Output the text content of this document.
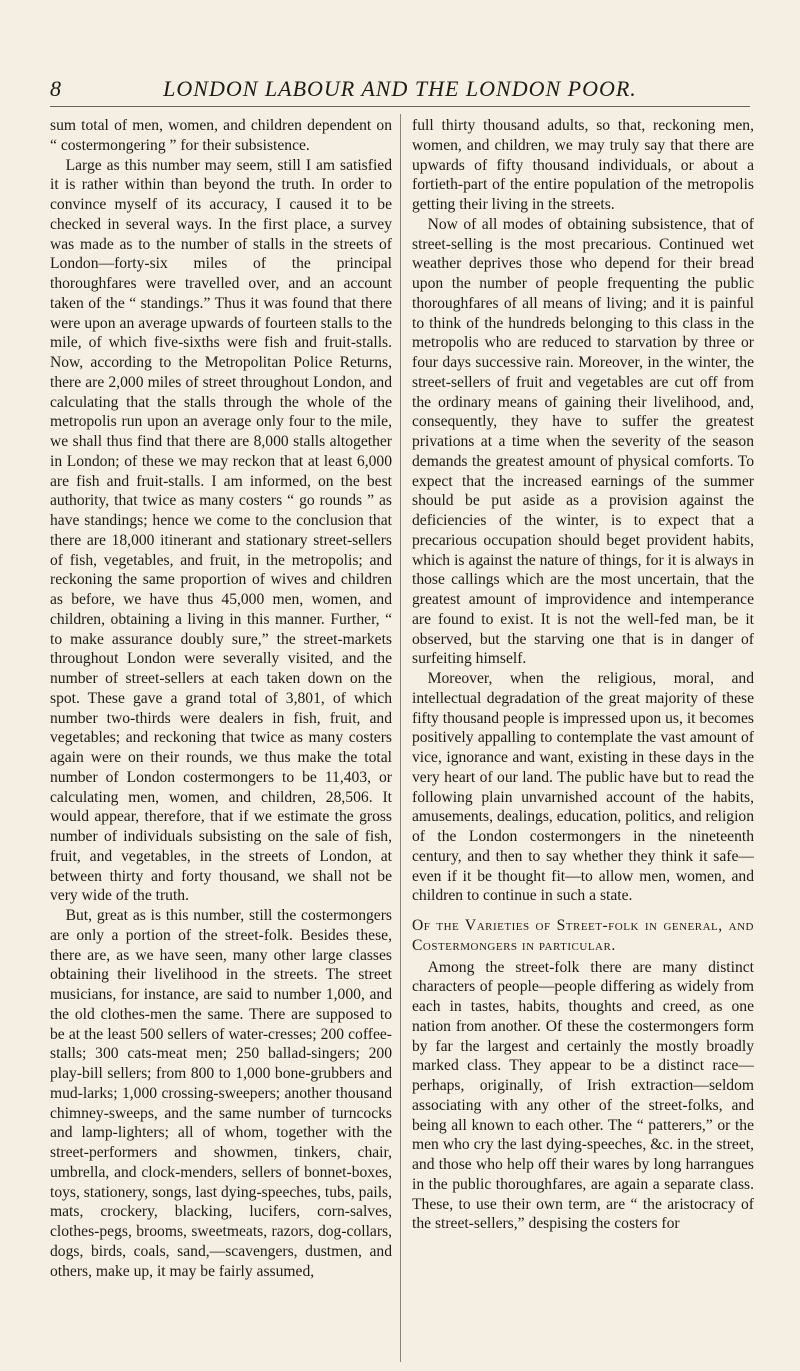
8	LONDON LABOUR AND THE LONDON POOR.

sum total of men, women, and children dependent on “ costermongering ” for their subsistence.

Large as this number may seem, still I am satisfied it is rather within than beyond the truth. In order to convince myself of its accuracy, I caused it to be checked in several ways. In the first place, a survey was made as to the number of stalls in the streets of London—forty-six miles of the principal thoroughfares were travelled over, and an account taken of the “ standings.” Thus it was found that there were upon an average upwards of fourteen stalls to the mile, of which five-sixths were fish and fruit-stalls. Now, according to the Metropolitan Police Returns, there are 2,000 miles of street throughout London, and calculating that the stalls through the whole of the metropolis run upon an average only four to the mile, we shall thus find that there are 8,000 stalls altogether in London; of these we may reckon that at least 6,000 are fish and fruit-stalls. I am informed, on the best authority, that twice as many costers “ go rounds ” as have standings; hence we come to the conclusion that there are 18,000 itinerant and stationary street-sellers of fish, vegetables, and fruit, in the metropolis; and reckoning the same proportion of wives and children as before, we have thus 45,000 men, women, and children, obtaining a living in this manner. Further, “ to make assurance doubly sure,” the street-markets throughout London were severally visited, and the number of street-sellers at each taken down on the spot. These gave a grand total of 3,801, of which number two-thirds were dealers in fish, fruit, and vegetables; and reckoning that twice as many costers again were on their rounds, we thus make the total number of London costermongers to be 11,403, or calculating men, women, and children, 28,506. It would appear, therefore, that if we estimate the gross number of individuals subsisting on the sale of fish, fruit, and vegetables, in the streets of London, at between thirty and forty thousand, we shall not be very wide of the truth.

But, great as is this number, still the costermongers are only a portion of the street-folk. Besides these, there are, as we have seen, many other large classes obtaining their livelihood in the streets. The street musicians, for instance, are said to number 1,000, and the old clothes-men the same. There are supposed to be at the least 500 sellers of water-cresses; 200 coffee-stalls; 300 cats-meat men; 250 ballad-singers; 200 play-bill sellers; from 800 to 1,000 bone-grubbers and mud-larks; 1,000 crossing-sweepers; another thousand chimney-sweeps, and the same number of turncocks and lamp-lighters; all of whom, together with the street-performers and showmen, tinkers, chair, umbrella, and clock-menders, sellers of bonnet-boxes, toys, stationery, songs, last dying-speeches, tubs, pails, mats, crockery, blacking, lucifers, corn-salves, clothes-pegs, brooms, sweetmeats, razors, dog-collars, dogs, birds, coals, sand,—scavengers, dustmen, and others, make up, it may be fairly assumed,

full thirty thousand adults, so that, reckoning men, women, and children, we may truly say that there are upwards of fifty thousand individuals, or about a fortieth-part of the entire population of the metropolis getting their living in the streets.

Now of all modes of obtaining subsistence, that of street-selling is the most precarious. Continued wet weather deprives those who depend for their bread upon the number of people frequenting the public thoroughfares of all means of living; and it is painful to think of the hundreds belonging to this class in the metropolis who are reduced to starvation by three or four days successive rain. Moreover, in the winter, the street-sellers of fruit and vegetables are cut off from the ordinary means of gaining their livelihood, and, consequently, they have to suffer the greatest privations at a time when the severity of the season demands the greatest amount of physical comforts. To expect that the increased earnings of the summer should be put aside as a provision against the deficiencies of the winter, is to expect that a precarious occupation should beget provident habits, which is against the nature of things, for it is always in those callings which are the most uncertain, that the greatest amount of improvidence and intemperance are found to exist. It is not the well-fed man, be it observed, but the starving one that is in danger of surfeiting himself.

Moreover, when the religious, moral, and intellectual degradation of the great majority of these fifty thousand people is impressed upon us, it becomes positively appalling to contemplate the vast amount of vice, ignorance and want, existing in these days in the very heart of our land. The public have but to read the following plain unvarnished account of the habits, amusements, dealings, education, politics, and religion of the London costermongers in the nineteenth century, and then to say whether they think it safe—even if it be thought fit—to allow men, women, and children to continue in such a state.

Of the Varieties of Street-folk in general, and Costermongers in particular.

Among the street-folk there are many distinct characters of people—people differing as widely from each in tastes, habits, thoughts and creed, as one nation from another. Of these the costermongers form by far the largest and certainly the mostly broadly marked class. They appear to be a distinct race—perhaps, originally, of Irish extraction—seldom associating with any other of the street-folks, and being all known to each other. The “ patterers,” or the men who cry the last dying-speeches, &c. in the street, and those who help off their wares by long harrangues in the public thoroughfares, are again a separate class. These, to use their own term, are “ the aristocracy of the street-sellers,” despising the costers for
